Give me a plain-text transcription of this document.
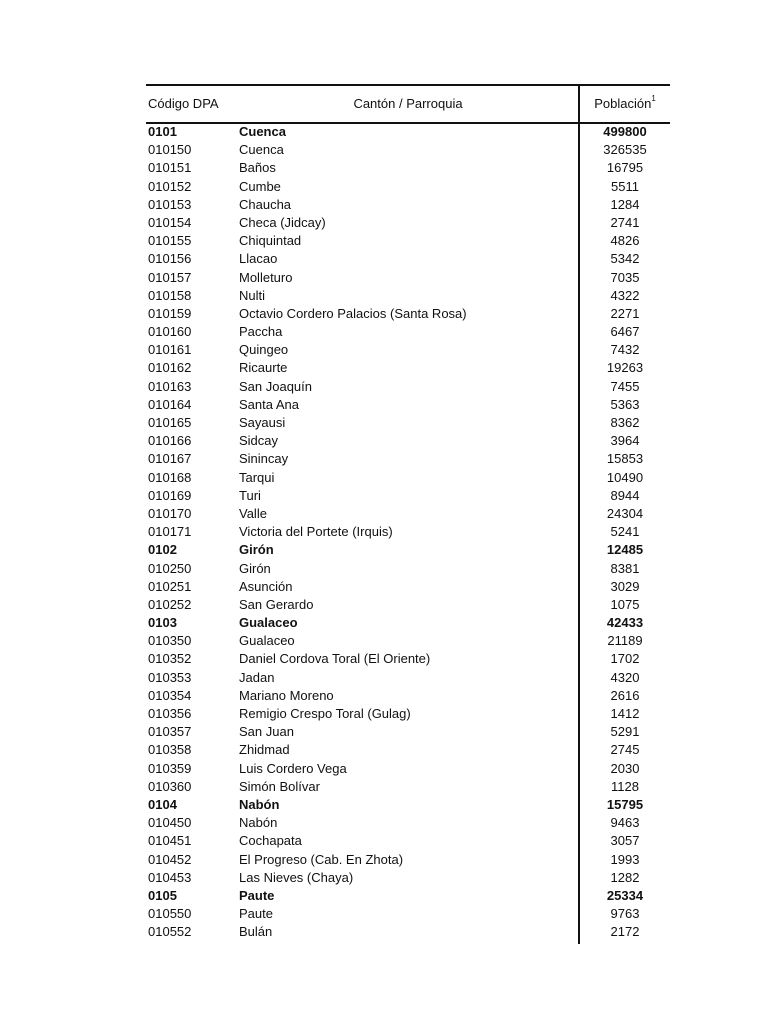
Código DPA	Cantón / Parroquia	Población$^1$
0101	Cuenca	499800
010150	Cuenca	326535
010151	Baños	16795
010152	Cumbe	5511
010153	Chaucha	1284
010154	Checa (Jidcay)	2741
010155	Chiquintad	4826
010156	Llacao	5342
010157	Molleturo	7035
010158	Nulti	4322
010159	Octavio Cordero Palacios (Santa Rosa)	2271
010160	Paccha	6467
010161	Quingeo	7432
010162	Ricaurte	19263
010163	San Joaquín	7455
010164	Santa Ana	5363
010165	Sayausi	8362
010166	Sidcay	3964
010167	Sinincay	15853
010168	Tarqui	10490
010169	Turi	8944
010170	Valle	24304
010171	Victoria del Portete (Irquis)	5241
0102	Girón	12485
010250	Girón	8381
010251	Asunción	3029
010252	San Gerardo	1075
0103	Gualaceo	42433
010350	Gualaceo	21189
010352	Daniel Cordova Toral (El Oriente)	1702
010353	Jadan	4320
010354	Mariano Moreno	2616
010356	Remigio Crespo Toral (Gulag)	1412
010357	San Juan	5291
010358	Zhidmad	2745
010359	Luis Cordero Vega	2030
010360	Simón Bolívar	1128
0104	Nabón	15795
010450	Nabón	9463
010451	Cochapata	3057
010452	El Progreso (Cab. En Zhota)	1993
010453	Las Nieves (Chaya)	1282
0105	Paute	25334
010550	Paute	9763
010552	Bulán	2172
